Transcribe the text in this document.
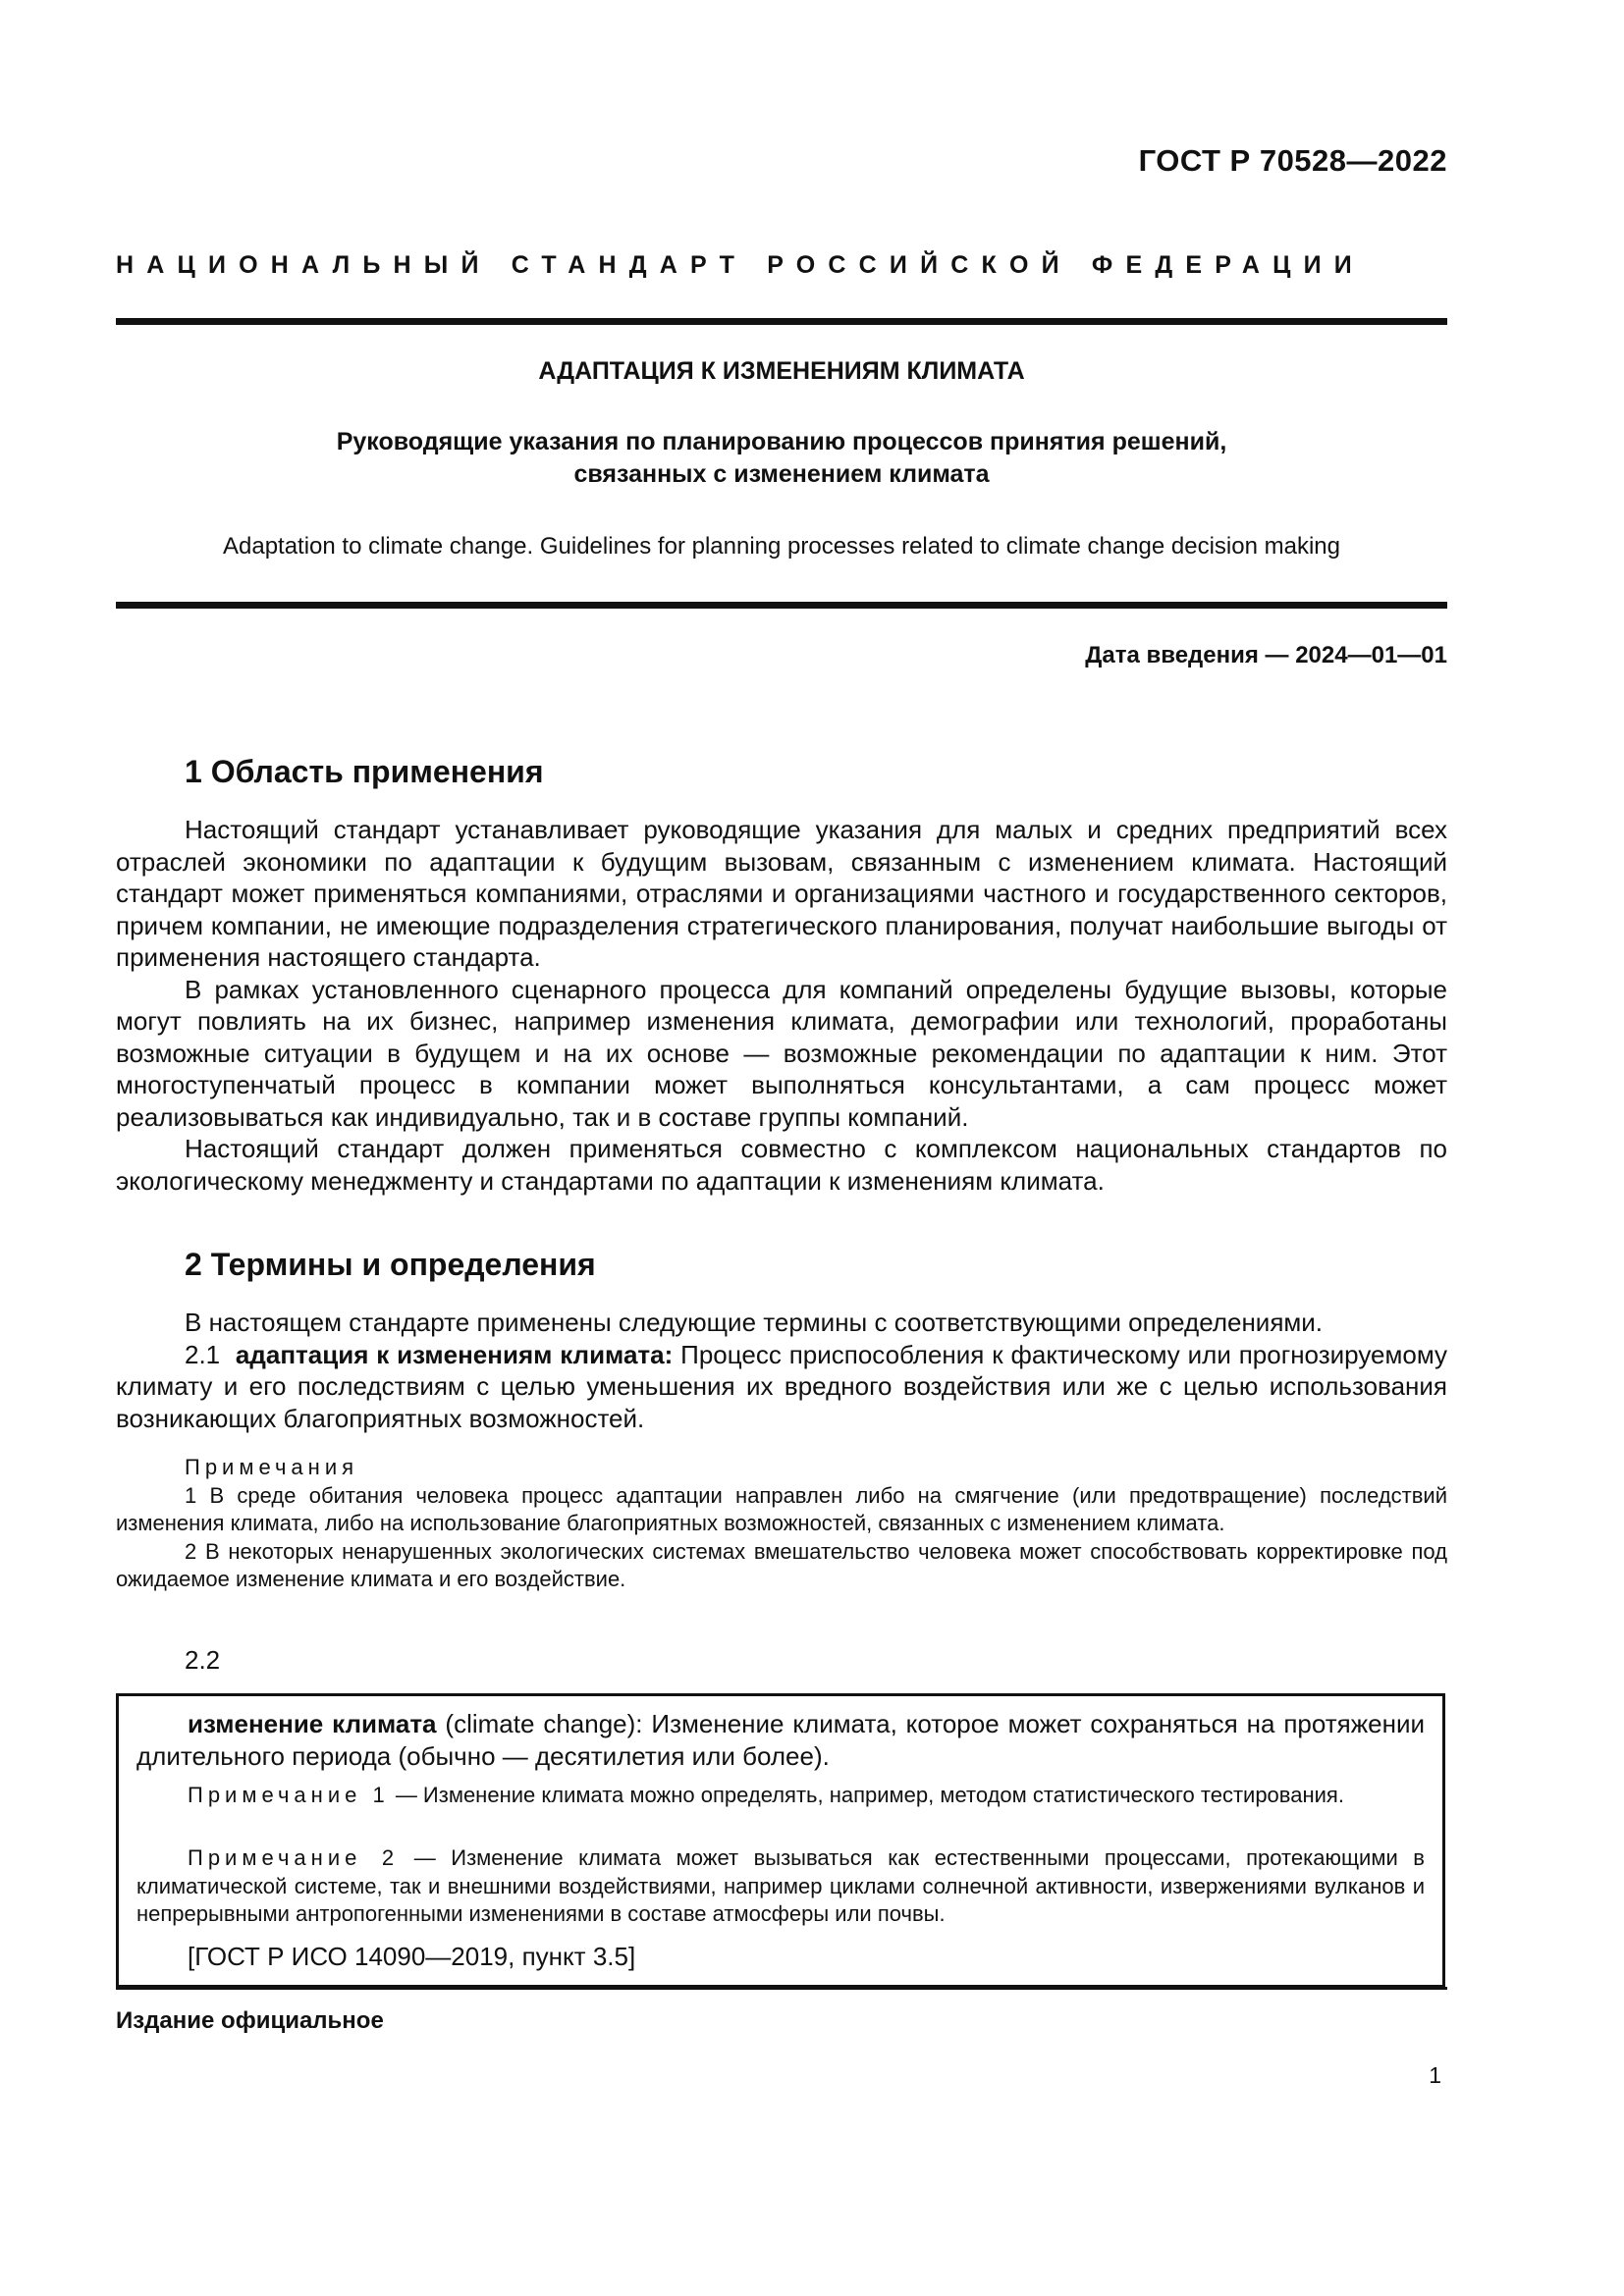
ГОСТ Р 70528—2022
НАЦИОНАЛЬНЫЙ СТАНДАРТ РОССИЙСКОЙ ФЕДЕРАЦИИ
АДАПТАЦИЯ К ИЗМЕНЕНИЯМ КЛИМАТА
Руководящие указания по планированию процессов принятия решений,
связанных с изменением климата
Adaptation to climate change. Guidelines for planning processes related to climate change decision making
Дата введения — 2024—01—01
1 Область применения

Настоящий стандарт устанавливает руководящие указания для малых и средних предприятий всех отраслей экономики по адаптации к будущим вызовам, связанным с изменением климата. Настоящий стандарт может применяться компаниями, отраслями и организациями частного и государственного секторов, причем компании, не имеющие подразделения стратегического планирования, получат наибольшие выгоды от применения настоящего стандарта.

В рамках установленного сценарного процесса для компаний определены будущие вызовы, которые могут повлиять на их бизнес, например изменения климата, демографии или технологий, проработаны возможные ситуации в будущем и на их основе — возможные рекомендации по адаптации к ним. Этот многоступенчатый процесс в компании может выполняться консультантами, а сам процесс может реализовываться как индивидуально, так и в составе группы компаний.

Настоящий стандарт должен применяться совместно с комплексом национальных стандартов по экологическому менеджменту и стандартами по адаптации к изменениям климата.

2 Термины и определения

В настоящем стандарте применены следующие термины с соответствующими определениями.

2.1 адаптация к изменениям климата: Процесс приспособления к фактическому или прогнозируемому климату и его последствиям с целью уменьшения их вредного воздействия или же с целью использования возникающих благоприятных возможностей.

Примечания

1 В среде обитания человека процесс адаптации направлен либо на смягчение (или предотвращение) последствий изменения климата, либо на использование благоприятных возможностей, связанных с изменением климата.

2 В некоторых ненарушенных экологических системах вмешательство человека может способствовать корректировке под ожидаемое изменение климата и его воздействие.

2.2

изменение климата (climate change): Изменение климата, которое может сохраняться на протяжении длительного периода (обычно — десятилетия или более).

Примечание 1 — Изменение климата можно определять, например, методом статистического тестирования.

Примечание 2 — Изменение климата может вызываться как естественными процессами, протекающими в климатической системе, так и внешними воздействиями, например циклами солнечной активности, извержениями вулканов и непрерывными антропогенными изменениями в составе атмосферы или почвы.

[ГОСТ Р ИСО 14090—2019, пункт 3.5]
Издание официальное
1
